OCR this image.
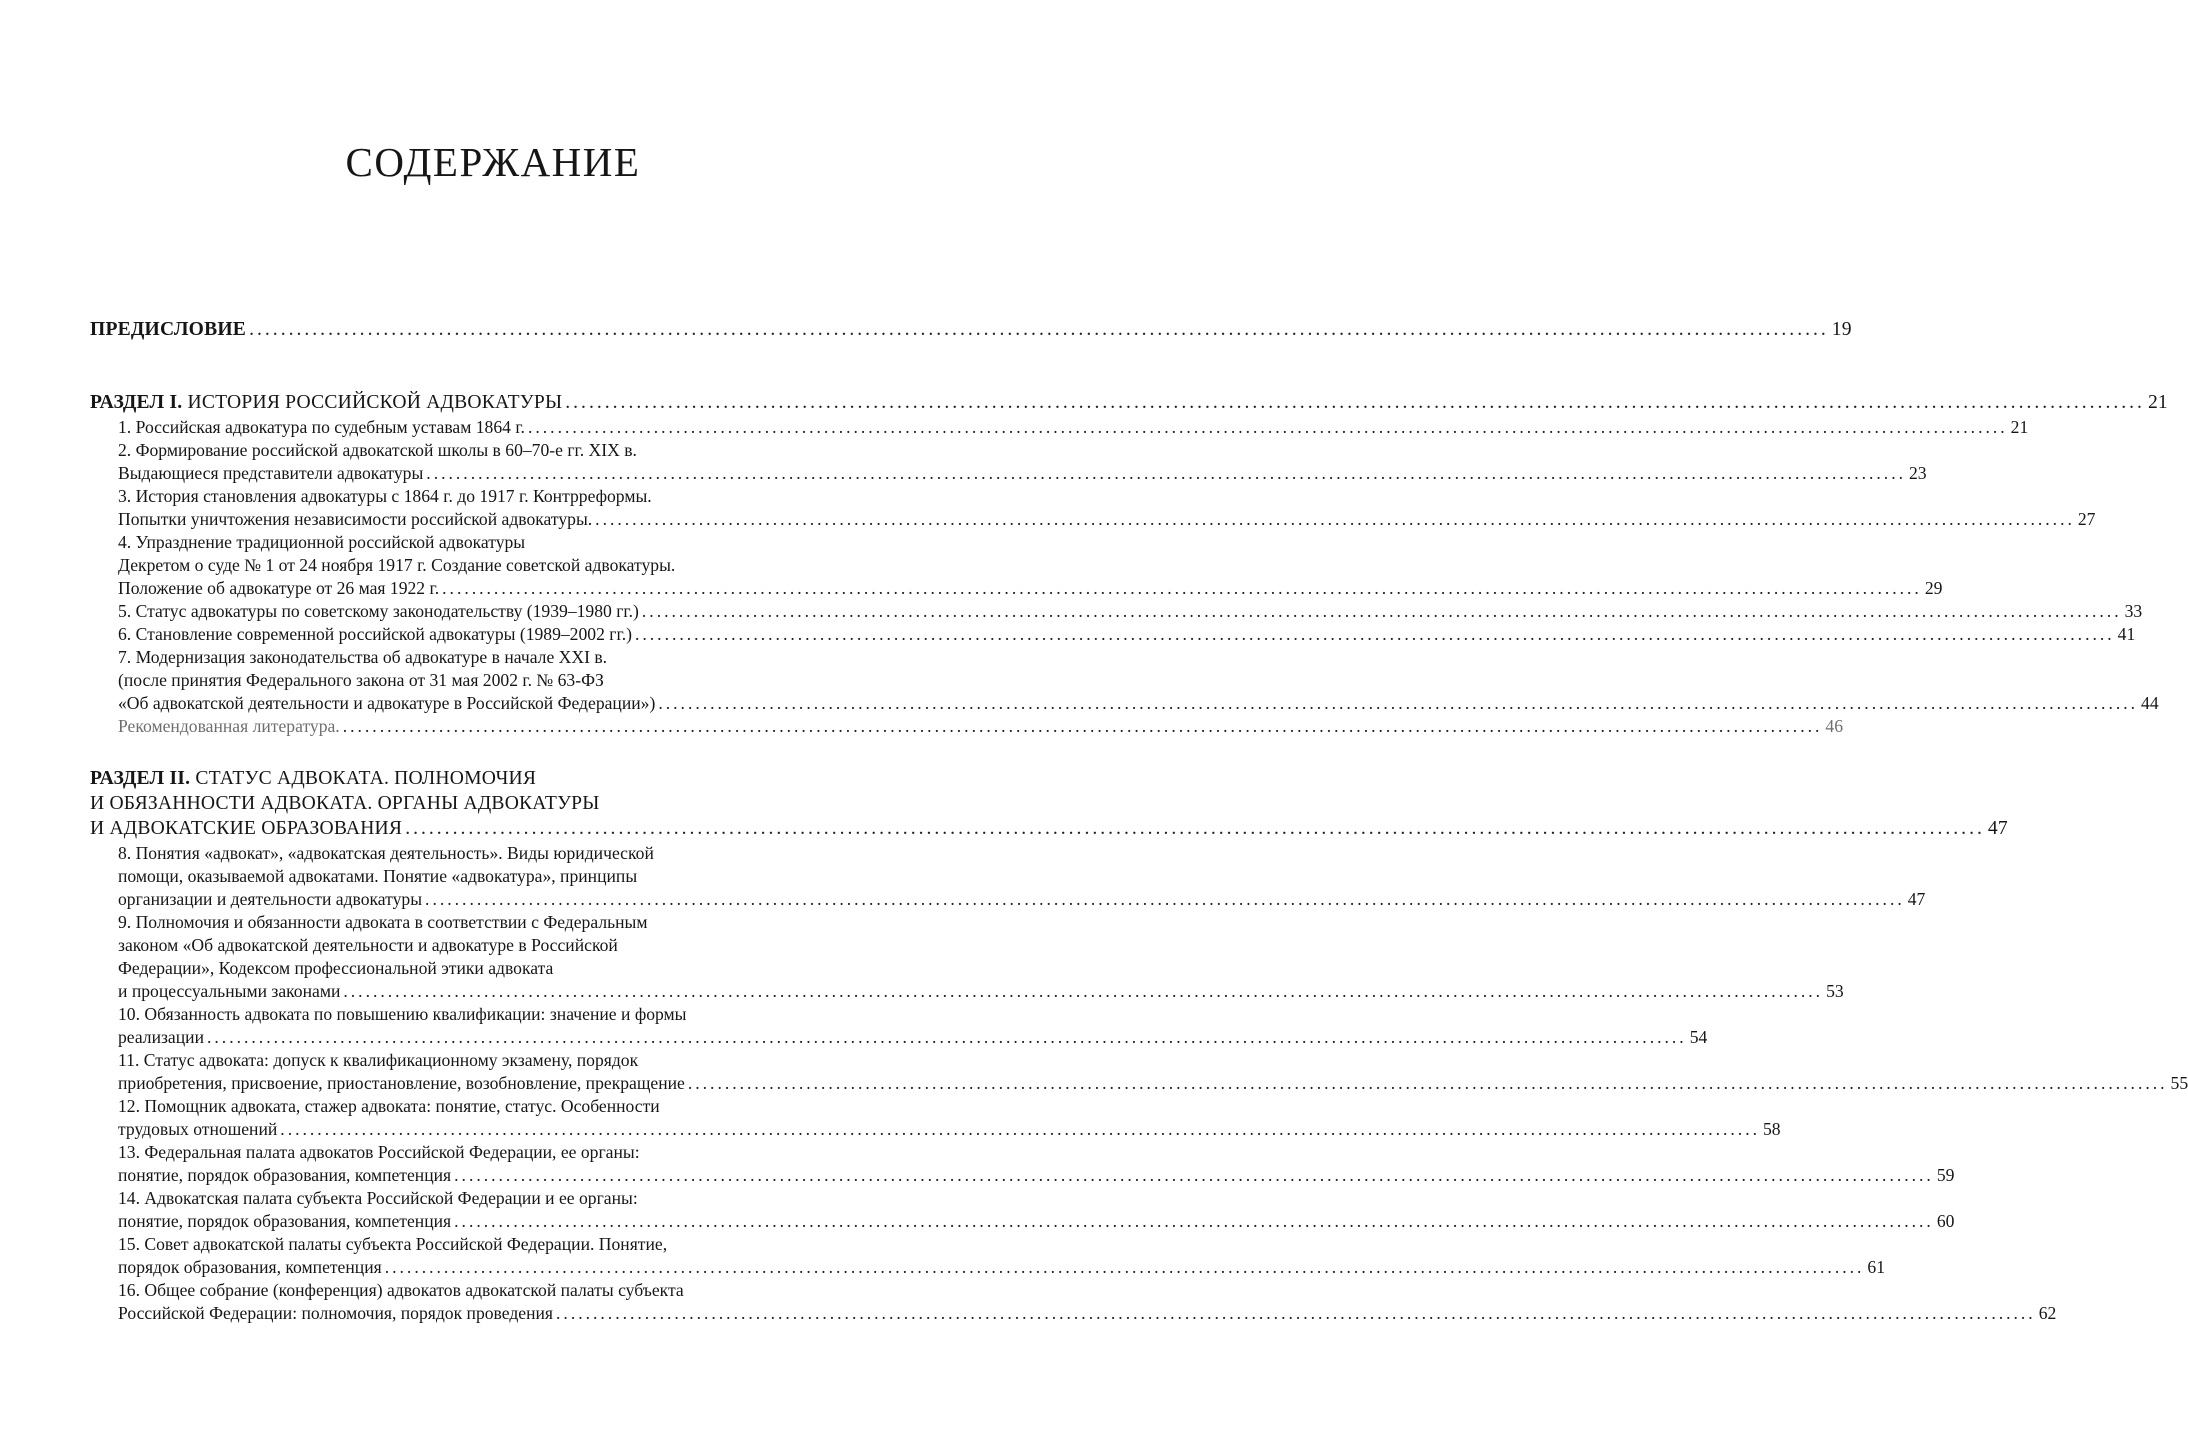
СОДЕРЖАНИЕ
ПРЕДИСЛОВИЕ ........................................................................................................................................................................................................ 19
РАЗДЕЛ I. ИСТОРИЯ РОССИЙСКОЙ АДВОКАТУРЫ ........................................................................................................................................................................................................ 21
1. Российская адвокатура по судебным уставам 1864 г. ........................................................................................................................................................................................................ 21
2. Формирование российской адвокатской школы в 60–70-е гг. XIX в.
Выдающиеся представители адвокатуры ........................................................................................................................................................................................................ 23
3. История становления адвокатуры с 1864 г. до 1917 г. Контрреформы.
Попытки уничтожения независимости российской адвокатуры. ........................................................................................................................................................................................................ 27
4. Упразднение традиционной российской адвокатуры
Декретом о суде № 1 от 24 ноября 1917 г. Создание советской адвокатуры.
Положение об адвокатуре от 26 мая 1922 г. ........................................................................................................................................................................................................ 29
5. Статус адвокатуры по советскому законодательству (1939–1980 гг.) ........................................................................................................................................................................................................ 33
6. Становление современной российской адвокатуры (1989–2002 гг.) ........................................................................................................................................................................................................ 41
7. Модернизация законодательства об адвокатуре в начале XXI в.
(после принятия Федерального закона от 31 мая 2002 г. № 63-ФЗ
«Об адвокатской деятельности и адвокатуре в Российской Федерации») ........................................................................................................................................................................................................ 44
Рекомендованная литература. ........................................................................................................................................................................................................ 46
РАЗДЕЛ II. СТАТУС АДВОКАТА. ПОЛНОМОЧИЯ
И ОБЯЗАННОСТИ АДВОКАТА. ОРГАНЫ АДВОКАТУРЫ
И АДВОКАТСКИЕ ОБРАЗОВАНИЯ ........................................................................................................................................................................................................ 47
8. Понятия «адвокат», «адвокатская деятельность». Виды юридической
помощи, оказываемой адвокатами. Понятие «адвокатура», принципы
организации и деятельности адвокатуры ........................................................................................................................................................................................................ 47
9. Полномочия и обязанности адвоката в соответствии с Федеральным
законом «Об адвокатской деятельности и адвокатуре в Российской
Федерации», Кодексом профессиональной этики адвоката
и процессуальными законами ........................................................................................................................................................................................................ 53
10. Обязанность адвоката по повышению квалификации: значение и формы
реализации ........................................................................................................................................................................................................ 54
11. Статус адвоката: допуск к квалификационному экзамену, порядок
приобретения, присвоение, приостановление, возобновление, прекращение ........................................................................................................................................................................................................ 55
12. Помощник адвоката, стажер адвоката: понятие, статус. Особенности
трудовых отношений ........................................................................................................................................................................................................ 58
13. Федеральная палата адвокатов Российской Федерации, ее органы:
понятие, порядок образования, компетенция ........................................................................................................................................................................................................ 59
14. Адвокатская палата субъекта Российской Федерации и ее органы:
понятие, порядок образования, компетенция ........................................................................................................................................................................................................ 60
15. Совет адвокатской палаты субъекта Российской Федерации. Понятие,
порядок образования, компетенция ........................................................................................................................................................................................................ 61
16. Общее собрание (конференция) адвокатов адвокатской палаты субъекта
Российской Федерации: полномочия, порядок проведения ........................................................................................................................................................................................................ 62
